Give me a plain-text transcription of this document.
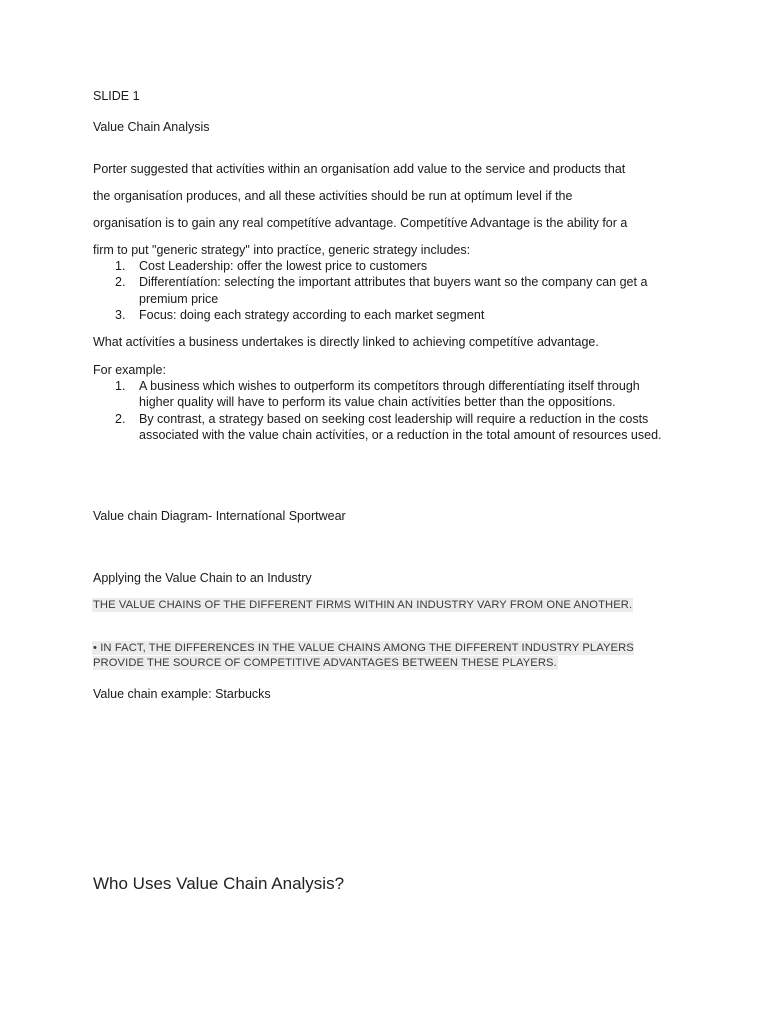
SLIDE 1
Value Chain Analysis
Porter suggested that activíties within an organisatíon add value to the service and products that
the organisatíon produces, and all these activíties should be run at optímum level if the
organisatíon is to gain any real competítíve advantage. Competítíve Advantage is the ability for a
firm to put "generic strategy" into practíce, generic strategy includes:
1. Cost Leadership: offer the lowest price to customers
2. Differentíatíon: selectíng the important attributes that buyers want so the company can get a premium price
3. Focus: doing each strategy according to each market segment
What actívitíes a business undertakes is directly linked to achieving competítíve advantage.
For example:
1. A business which wishes to outperform its competítors through differentíatíng itself through higher quality will have to perform its value chain actívitíes better than the oppositíons.
2. By contrast, a strategy based on seeking cost leadership will require a reductíon in the costs associated with the value chain actívitíes, or a reductíon in the total amount of resources used.
Value chain Diagram- Internatíonal Sportwear
Applying the Value Chain to an Industry
THE VALUE CHAINS OF THE DIFFERENT FIRMS WITHIN AN INDUSTRY VARY FROM ONE ANOTHER.
• IN FACT, THE DIFFERENCES IN THE VALUE CHAINS AMONG THE DIFFERENT INDUSTRY PLAYERS PROVIDE THE SOURCE OF COMPETITIVE ADVANTAGES BETWEEN THESE PLAYERS.
Value chain example: Starbucks
Who Uses Value Chain Analysis?
